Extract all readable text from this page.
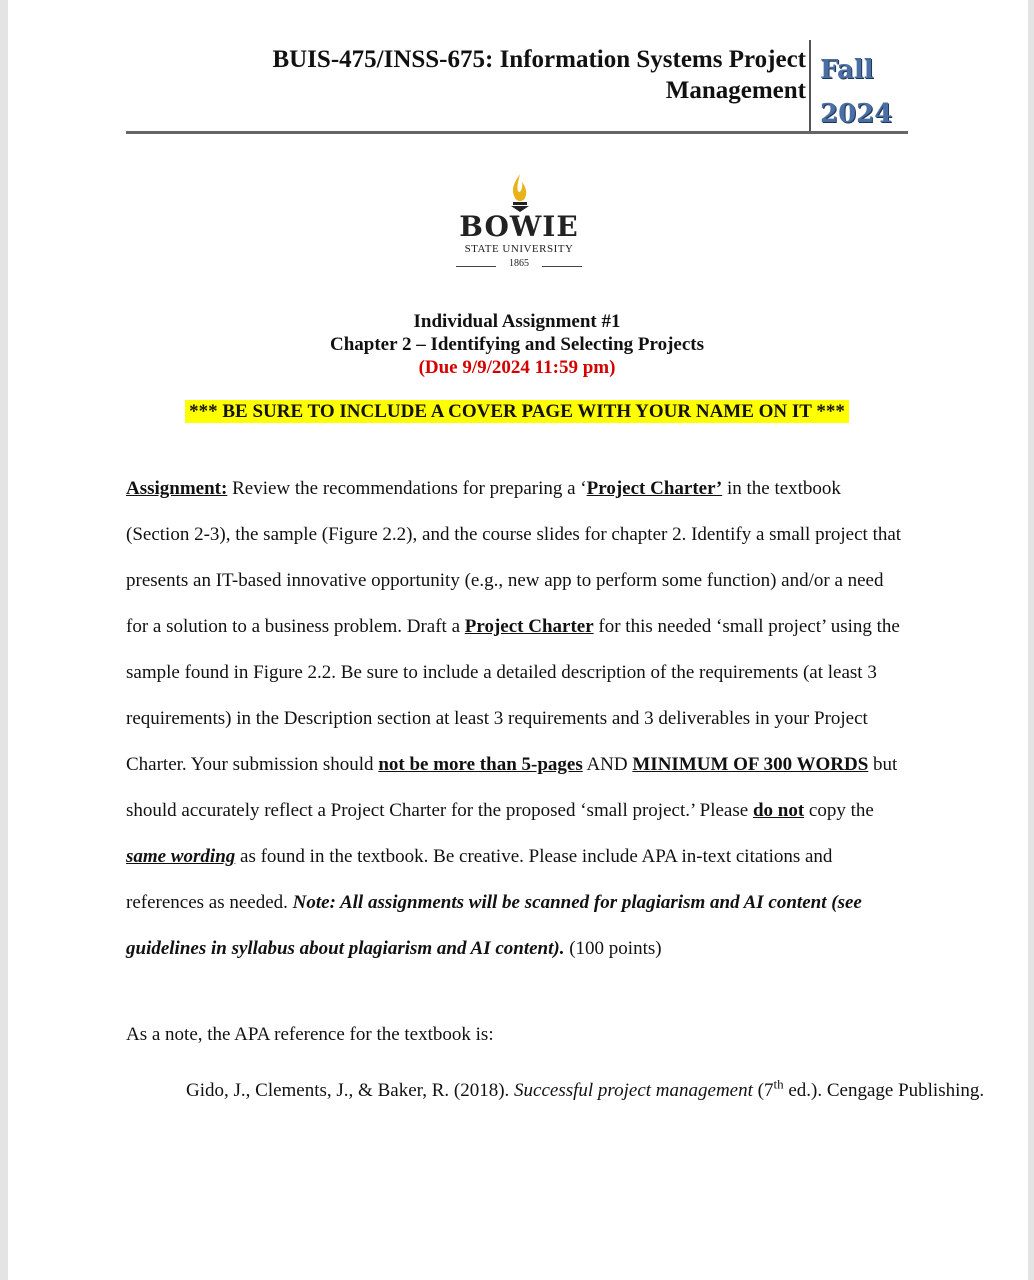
BUIS-475/INSS-675: Information Systems Project
Management
Fall
2024
BOWIE
STATE UNIVERSITY
1865
Individual Assignment #1
Chapter 2 – Identifying and Selecting Projects
(Due 9/9/2024 11:59 pm)
*** BE SURE TO INCLUDE A COVER PAGE WITH YOUR NAME ON IT ***
Assignment: Review the recommendations for preparing a ‘Project Charter’ in the textbook (Section 2-3), the sample (Figure 2.2), and the course slides for chapter 2. Identify a small project that presents an IT-based innovative opportunity (e.g., new app to perform some function) and/or a need for a solution to a business problem. Draft a Project Charter for this needed ‘small project’ using the sample found in Figure 2.2. Be sure to include a detailed description of the requirements (at least 3 requirements) in the Description section at least 3 requirements and 3 deliverables in your Project Charter. Your submission should not be more than 5-pages AND MINIMUM OF 300 WORDS but should accurately reflect a Project Charter for the proposed ‘small project.’ Please do not copy the same wording as found in the textbook. Be creative. Please include APA in-text citations and references as needed. Note: All assignments will be scanned for plagiarism and AI content (see guidelines in syllabus about plagiarism and AI content). (100 points)
As a note, the APA reference for the textbook is:
Gido, J., Clements, J., & Baker, R. (2018). Successful project management (7th ed.). Cengage Publishing.
